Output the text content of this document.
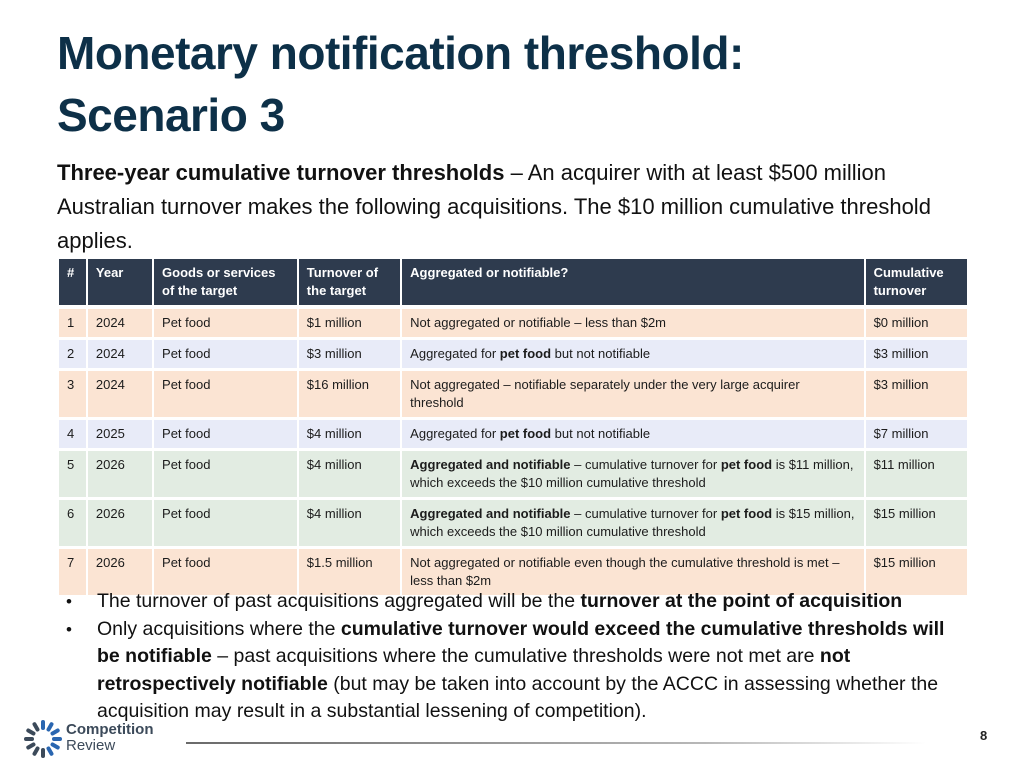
Monetary notification threshold:
Scenario 3

Three-year cumulative turnover thresholds – An acquirer with at least $500 million Australian turnover makes the following acquisitions. The $10 million cumulative threshold applies.

#	Year	Goods or services of the target	Turnover of the target	Aggregated or notifiable?	Cumulative turnover
1	2024	Pet food	$1 million	Not aggregated or notifiable – less than $2m	$0 million
2	2024	Pet food	$3 million	Aggregated for pet food but not notifiable	$3 million
3	2024	Pet food	$16 million	Not aggregated – notifiable separately under the very large acquirer threshold	$3 million
4	2025	Pet food	$4 million	Aggregated for pet food but not notifiable	$7 million
5	2026	Pet food	$4 million	Aggregated and notifiable – cumulative turnover for pet food is $11 million, which exceeds the $10 million cumulative threshold	$11 million
6	2026	Pet food	$4 million	Aggregated and notifiable – cumulative turnover for pet food is $15 million, which exceeds the $10 million cumulative threshold	$15 million
7	2026	Pet food	$1.5 million	Not aggregated or notifiable even though the cumulative threshold is met – less than $2m	$15 million
• The turnover of past acquisitions aggregated will be the turnover at the point of acquisition
• Only acquisitions where the cumulative turnover would exceed the cumulative thresholds will be notifiable – past acquisitions where the cumulative thresholds were not met are not retrospectively notifiable (but may be taken into account by the ACCC in assessing whether the acquisition may result in a substantial lessening of competition).
Competition
Review
8
